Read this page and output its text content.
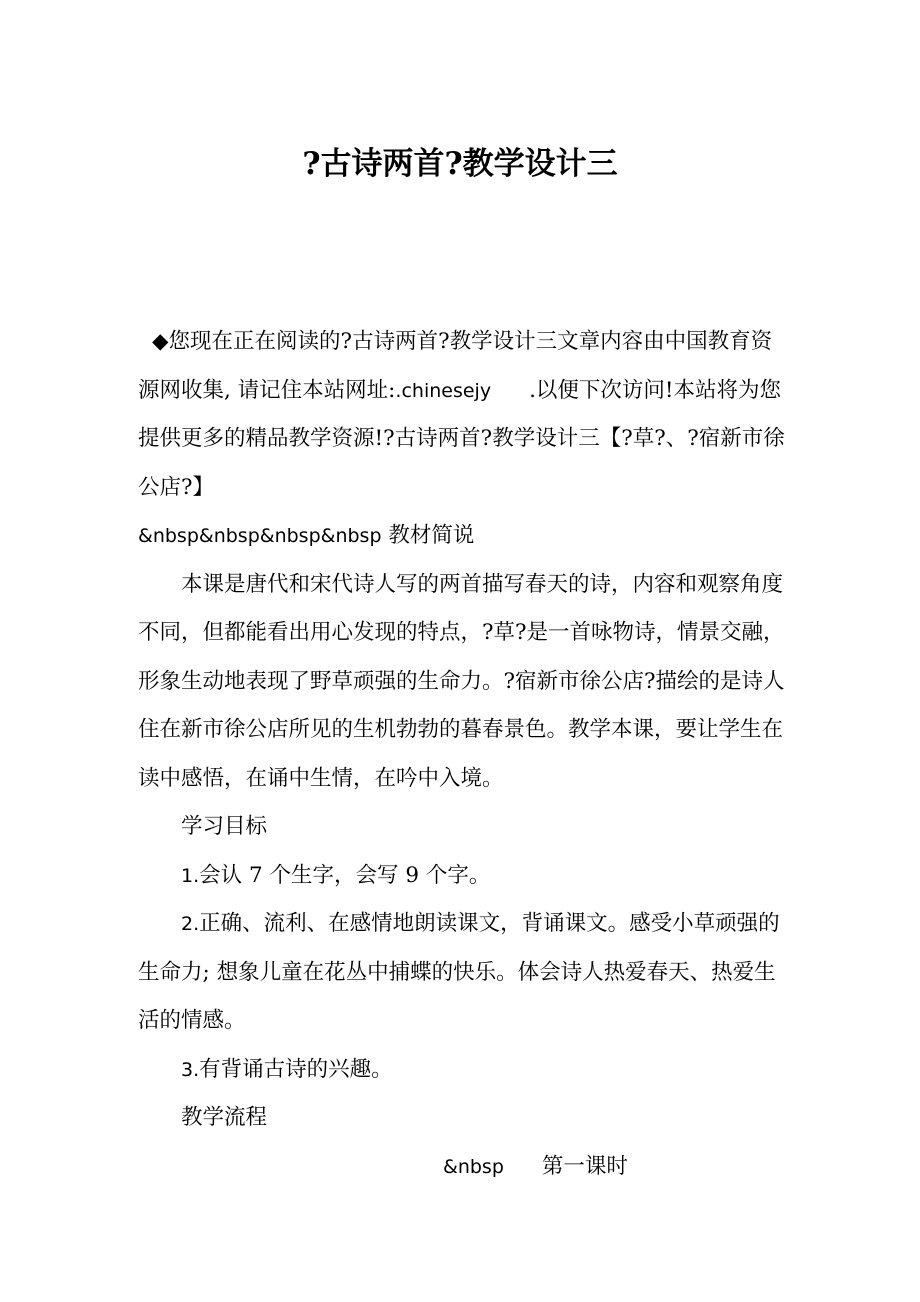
?古诗两首?教学设计三

◆您现在正在阅读的?古诗两首?教学设计三文章内容由中国教育资源网收集, 请记住本站网址:.chinesejy .以便下次访问!本站将为您提供更多的精品教学资源!?古诗两首?教学设计三【?草?、?宿新市徐公店?】

&nbsp&nbsp&nbsp&nbsp 教材简说

本课是唐代和宋代诗人写的两首描写春天的诗，内容和观察角度不同，但都能看出用心发现的特点，?草?是一首咏物诗，情景交融，形象生动地表现了野草顽强的生命力。?宿新市徐公店?描绘的是诗人住在新市徐公店所见的生机勃勃的暮春景色。教学本课，要让学生在读中感悟，在诵中生情，在吟中入境。

学习目标

1.会认 7 个生字，会写 9 个字。

2.正确、流利、在感情地朗读课文，背诵课文。感受小草顽强的生命力; 想象儿童在花丛中捕蝶的快乐。体会诗人热爱春天、热爱生活的情感。

3.有背诵古诗的兴趣。

教学流程

&nbsp 第一课时
